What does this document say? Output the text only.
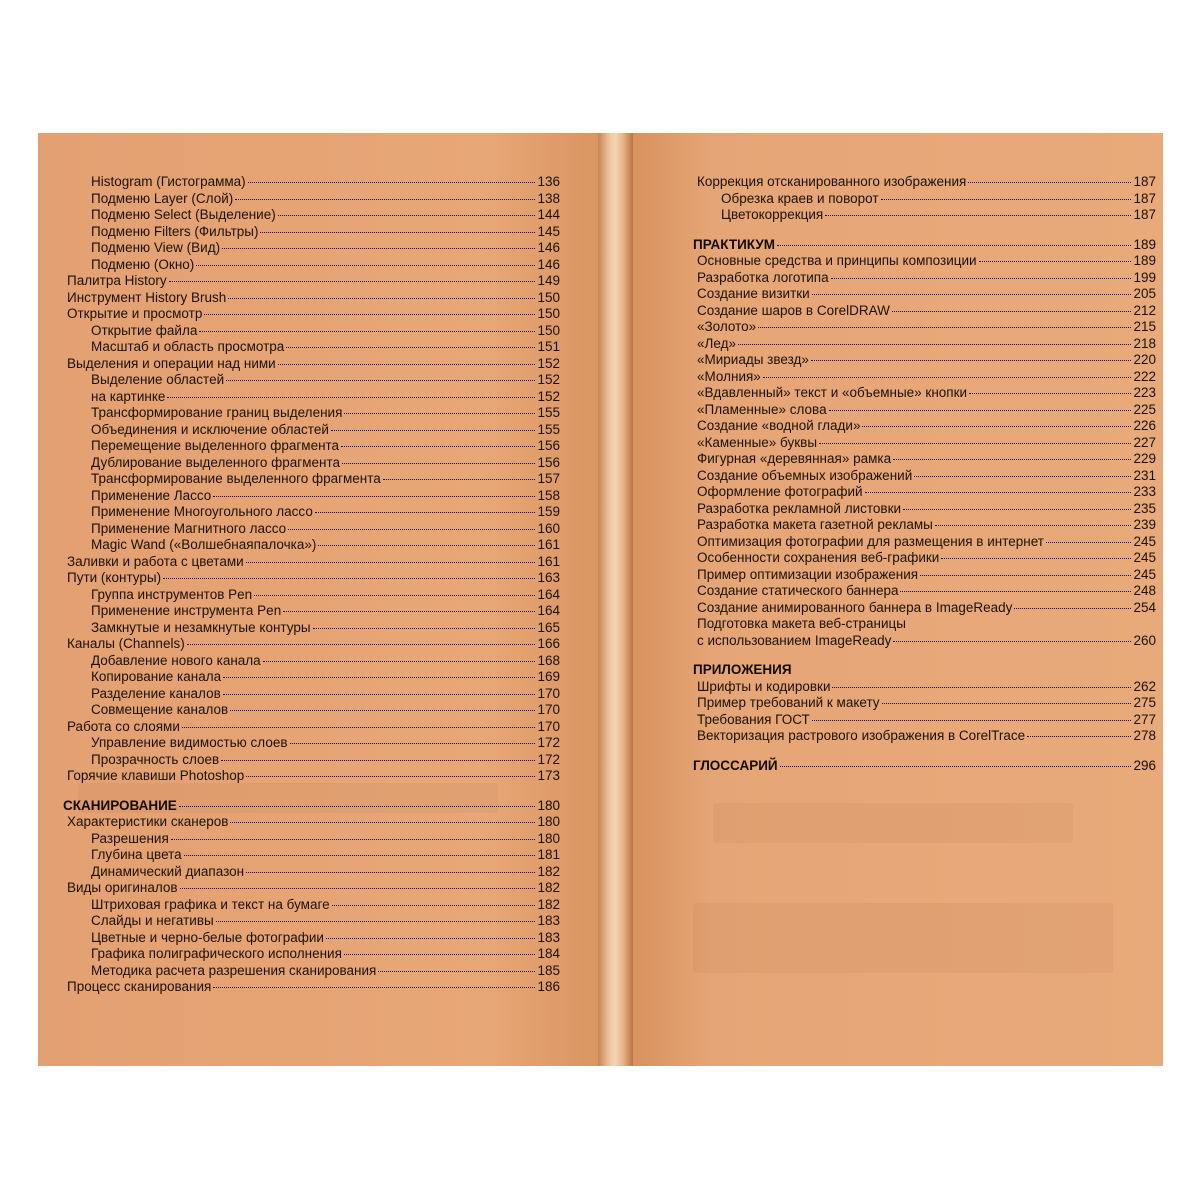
Histogram (Гистограмма)	136
Подменю Layer (Слой)	138
Подменю Select (Выделение)	144
Подменю Filters (Фильтры)	145
Подменю View (Вид)	146
Подменю (Окно)	146
Палитра History	149
Инструмент History Brush	150
Открытие и просмотр	150
Открытие файла	150
Масштаб и область просмотра	151
Выделения и операции над ними	152
Выделение областей	152
на картинке	152
Трансформирование границ выделения	155
Объединения и исключение областей	155
Перемещение выделенного фрагмента	156
Дублирование выделенного фрагмента	156
Трансформирование выделенного фрагмента	157
Применение Лассо	158
Применение Многоугольного лассо	159
Применение Магнитного лассо	160
Magic Wand («Волшебнаяпалочка»)	161
Заливки и работа с цветами	161
Пути (контуры)	163
Группа инструментов Pen	164
Применение инструмента Pen	164
Замкнутые и незамкнутые контуры	165
Каналы (Channels)	166
Добавление нового канала	168
Копирование канала	169
Разделение каналов	170
Совмещение каналов	170
Работа со слоями	170
Управление видимостью слоев	172
Прозрачность слоев	172
Горячие клавиши Photoshop	173
СКАНИРОВАНИЕ	180
Характеристики сканеров	180
Разрешения	180
Глубина цвета	181
Динамический диапазон	182
Виды оригиналов	182
Штриховая графика и текст на бумаге	182
Слайды и негативы	183
Цветные и черно-белые фотографии	183
Графика полиграфического исполнения	184
Методика расчета разрешения сканирования	185
Процесс сканирования	186
Коррекция отсканированного изображения	187
Обрезка краев и поворот	187
Цветокоррекция	187
ПРАКТИКУМ	189
Основные средства и принципы композиции	189
Разработка логотипа	199
Создание визитки	205
Создание шаров в CorelDRAW	212
«Золото»	215
«Лед»	218
«Мириады звезд»	220
«Молния»	222
«Вдавленный» текст и «объемные» кнопки	223
«Пламенные» слова	225
Создание «водной глади»	226
«Каменные» буквы	227
Фигурная «деревянная» рамка	229
Создание объемных изображений	231
Оформление фотографий	233
Разработка рекламной листовки	235
Разработка макета газетной рекламы	239
Оптимизация фотографии для размещения в интернет	245
Особенности сохранения веб-графики	245
Пример оптимизации изображения	245
Создание статического баннера	248
Создание анимированного баннера в ImageReady	254
Подготовка макета веб-страницы
с использованием ImageReady	260
ПРИЛОЖЕНИЯ
Шрифты и кодировки	262
Пример требований к макету	275
Требования ГОСТ	277
Векторизация растрового изображения в CorelTrace	278
ГЛОССАРИЙ	296
